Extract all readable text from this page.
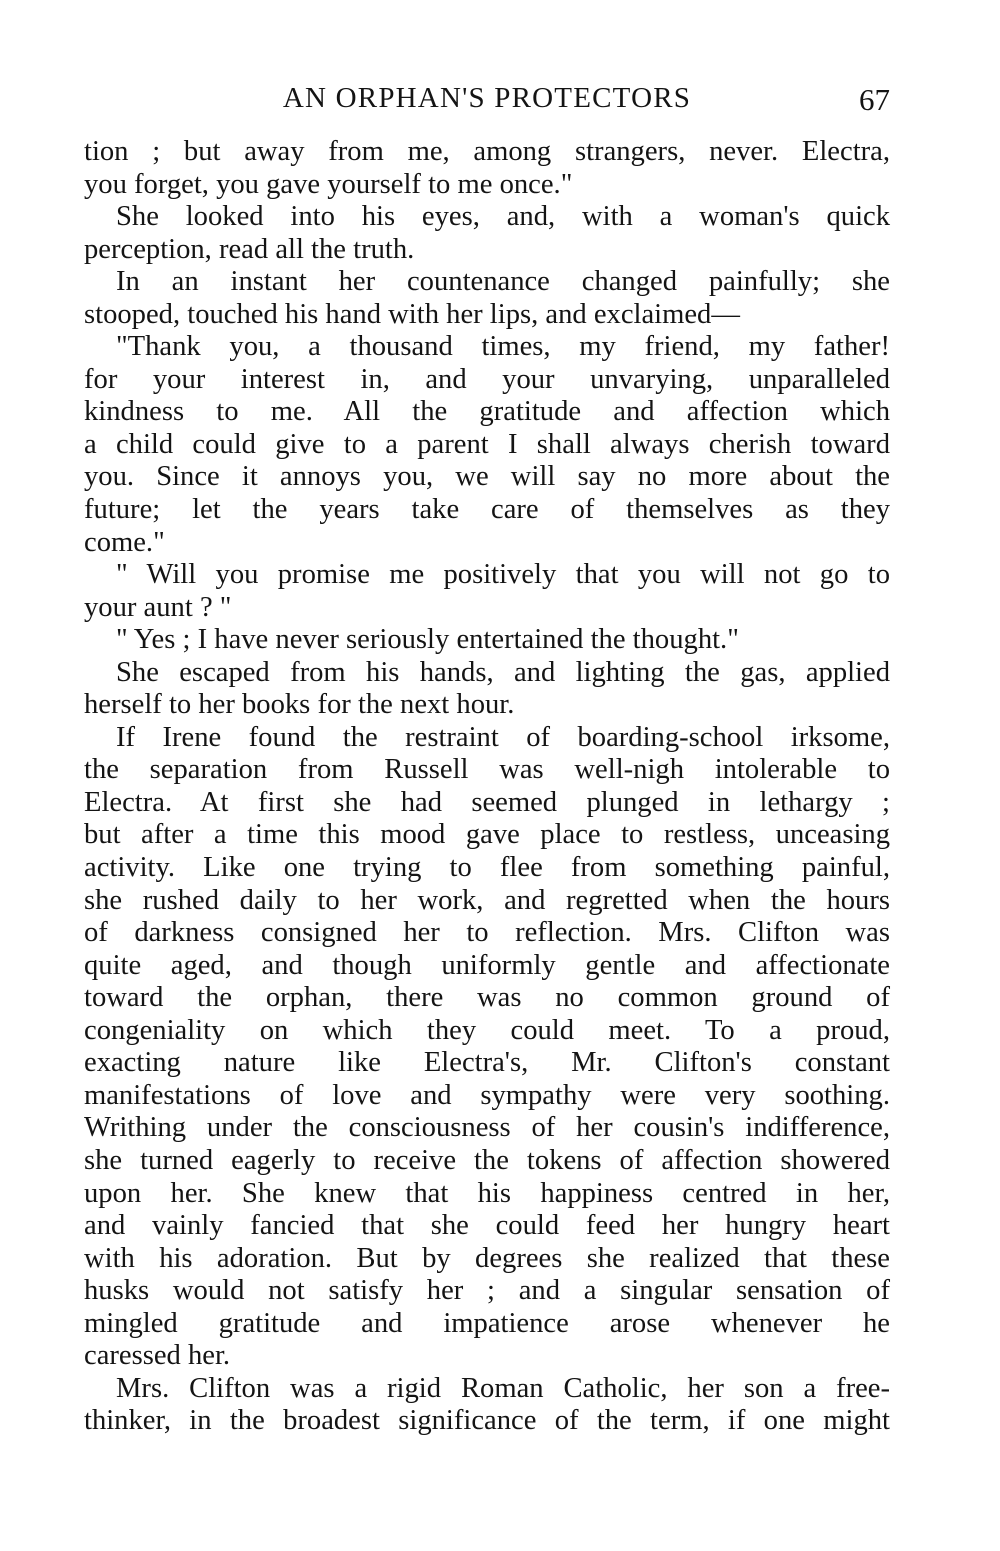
AN ORPHAN'S PROTECTORS	67
tion ; but away from me, among strangers, never. Electra,
you forget, you gave yourself to me once."
She looked into his eyes, and, with a woman's quick
perception, read all the truth.
In an instant her countenance changed painfully; she
stooped, touched his hand with her lips, and exclaimed—
"Thank you, a thousand times, my friend, my father!
for your interest in, and your unvarying, unparalleled
kindness to me. All the gratitude and affection which
a child could give to a parent I shall always cherish toward
you. Since it annoys you, we will say no more about the
future; let the years take care of themselves as they
come."
" Will you promise me positively that you will not go to
your aunt ? "
" Yes ; I have never seriously entertained the thought."
She escaped from his hands, and lighting the gas, applied
herself to her books for the next hour.
If Irene found the restraint of boarding-school irksome,
the separation from Russell was well-nigh intolerable to
Electra. At first she had seemed plunged in lethargy ;
but after a time this mood gave place to restless, unceasing
activity. Like one trying to flee from something painful,
she rushed daily to her work, and regretted when the hours
of darkness consigned her to reflection. Mrs. Clifton was
quite aged, and though uniformly gentle and affectionate
toward the orphan, there was no common ground of
congeniality on which they could meet. To a proud,
exacting nature like Electra's, Mr. Clifton's constant
manifestations of love and sympathy were very soothing.
Writhing under the consciousness of her cousin's indifference,
she turned eagerly to receive the tokens of affection showered
upon her. She knew that his happiness centred in her,
and vainly fancied that she could feed her hungry heart
with his adoration. But by degrees she realized that these
husks would not satisfy her ; and a singular sensation of
mingled gratitude and impatience arose whenever he
caressed her.
Mrs. Clifton was a rigid Roman Catholic, her son a free-
thinker, in the broadest significance of the term, if one might
